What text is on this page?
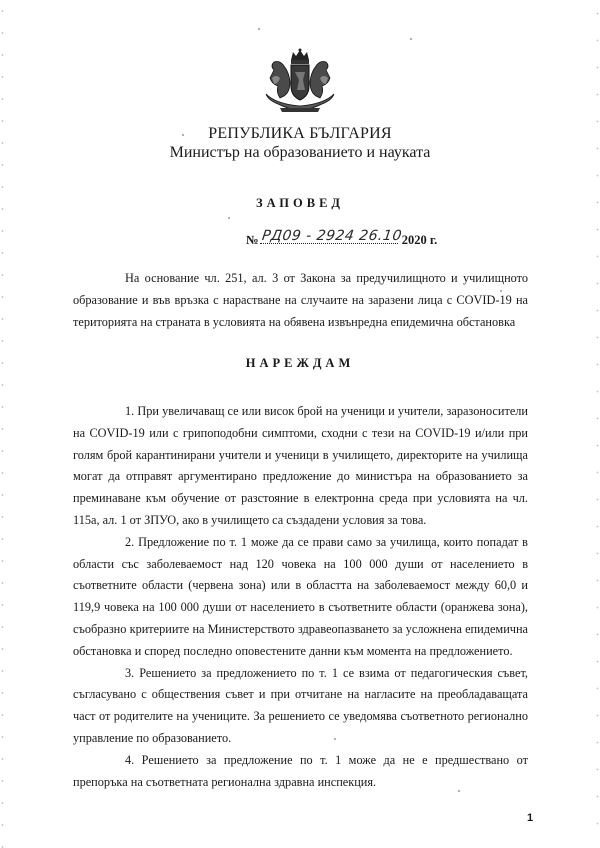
РЕПУБЛИКА БЪЛГАРИЯ
Министър на образованието и науката
ЗАПОВЕД
№ РД09 - 2924 26.10 2020 г.

На основание чл. 251, ал. 3 от Закона за предучилищното и училищното образование и във връзка с нарастване на случаите на заразени лица с COVID-19 на територията на страната в условията на обявена извънредна епидемична обстановка

НАРЕЖДАМ

1. При увеличаващ се или висок брой на ученици и учители, заразоносители на COVID-19 или с грипоподобни симптоми, сходни с тези на COVID-19 и/или при голям брой карантинирани учители и ученици в училището, директорите на училища могат да отправят аргументирано предложение до министъра на образованието за преминаване към обучение от разстояние в електронна среда при условията на чл. 115а, ал. 1 от ЗПУО, ако в училището са създадени условия за това.

2. Предложение по т. 1 може да се прави само за училища, които попадат в области със заболеваемост над 120 човека на 100 000 души от населението в съответните области (червена зона) или в областта на заболеваемост между 60,0 и 119,9 човека на 100 000 души от населението в съответните области (оранжева зона), съобразно критериите на Министерството здравеопазването за усложнена епидемична обстановка и според последно оповестените данни към момента на предложението.

3. Решението за предложението по т. 1 се взима от педагогическия съвет, съгласувано с обществения съвет и при отчитане на нагласите на преобладаващата част от родителите на учениците. За решението се уведомява съответното регионално управление по образованието.

4. Решението за предложение по т. 1 може да не е предшествано от препоръка на съответната регионална здравна инспекция.

1
